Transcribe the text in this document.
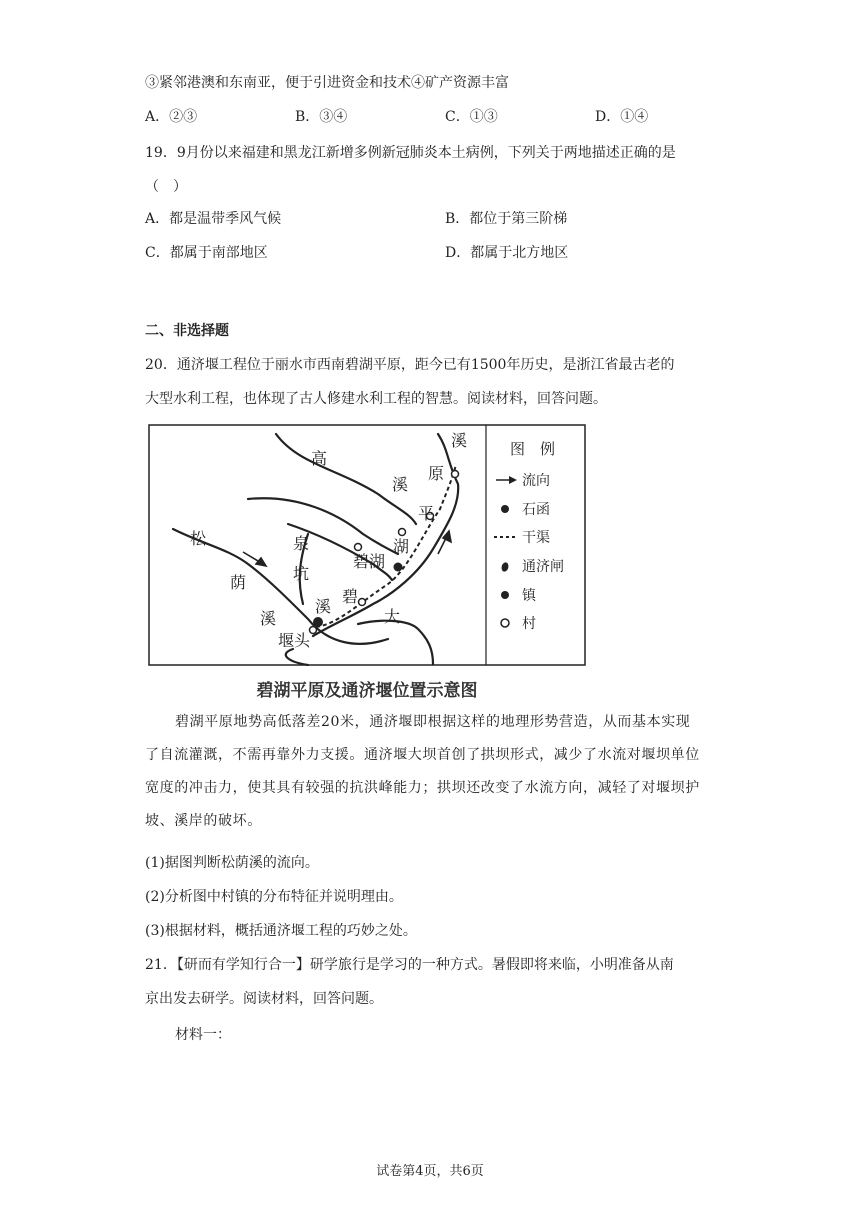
③紧邻港澳和东南亚，便于引进资金和技术④矿产资源丰富
A．②③	B．③④	C．①③	D．①④
19．9月份以来福建和黑龙江新增多例新冠肺炎本土病例，下列关于两地描述正确的是
（　）
A．都是温带季风气候	B．都位于第三阶梯
C．都属于南部地区	D．都属于北方地区
二、非选择题
20．通济堰工程位于丽水市西南碧湖平原，距今已有1500年历史，是浙江省最古老的
大型水利工程，也体现了古人修建水利工程的智慧。阅读材料，回答问题。
溪
高
溪
原
平
湖
松	泉
坑
碧湖
荫
碧
大
溪
溪
堰头
图　例
流向
石函
干渠
通济闸
镇
村
碧湖平原及通济堰位置示意图
碧湖平原地势高低落差20米，通济堰即根据这样的地理形势营造，从而基本实现
了自流灌溉，不需再靠外力支援。通济堰大坝首创了拱坝形式，减少了水流对堰坝单位
宽度的冲击力，使其具有较强的抗洪峰能力；拱坝还改变了水流方向，减轻了对堰坝护
坡、溪岸的破坏。
(1)据图判断松荫溪的流向。
(2)分析图中村镇的分布特征并说明理由。
(3)根据材料，概括通济堰工程的巧妙之处。
21．【研而有学知行合一】研学旅行是学习的一种方式。暑假即将来临，小明准备从南
京出发去研学。阅读材料，回答问题。
材料一：
试卷第4页，共6页
